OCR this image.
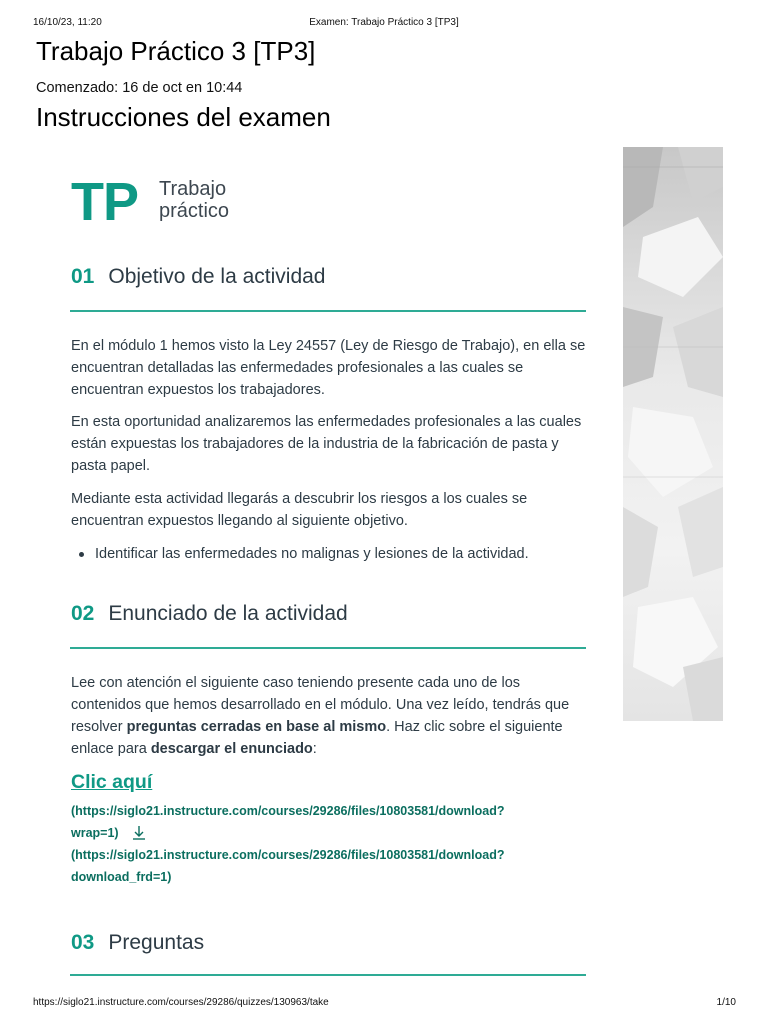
16/10/23, 11:20	Examen: Trabajo Práctico 3 [TP3]
Trabajo Práctico 3 [TP3]
Comenzado: 16 de oct en 10:44
Instrucciones del examen
TP Trabajo
práctico
01 Objetivo de la actividad

En el módulo 1 hemos visto la Ley 24557 (Ley de Riesgo de Trabajo), en ella se encuentran detalladas las enfermedades profesionales a las cuales se encuentran expuestos los trabajadores.

En esta oportunidad analizaremos las enfermedades profesionales a las cuales están expuestas los trabajadores de la industria de la fabricación de pasta y pasta papel.

Mediante esta actividad llegarás a descubrir los riesgos a los cuales se encuentran expuestos llegando al siguiente objetivo.

Identificar las enfermedades no malignas y lesiones de la actividad.
02 Enunciado de la actividad

Lee con atención el siguiente caso teniendo presente cada uno de los contenidos que hemos desarrollado en el módulo. Una vez leído, tendrás que resolver preguntas cerradas en base al mismo. Haz clic sobre el siguiente enlace para descargar el enunciado:

Clic aquí
(https://siglo21.instructure.com/courses/29286/files/10803581/download?
wrap=1)
(https://siglo21.instructure.com/courses/29286/files/10803581/download?
download_frd=1)
03 Preguntas
https://siglo21.instructure.com/courses/29286/quizzes/130963/take	1/10
